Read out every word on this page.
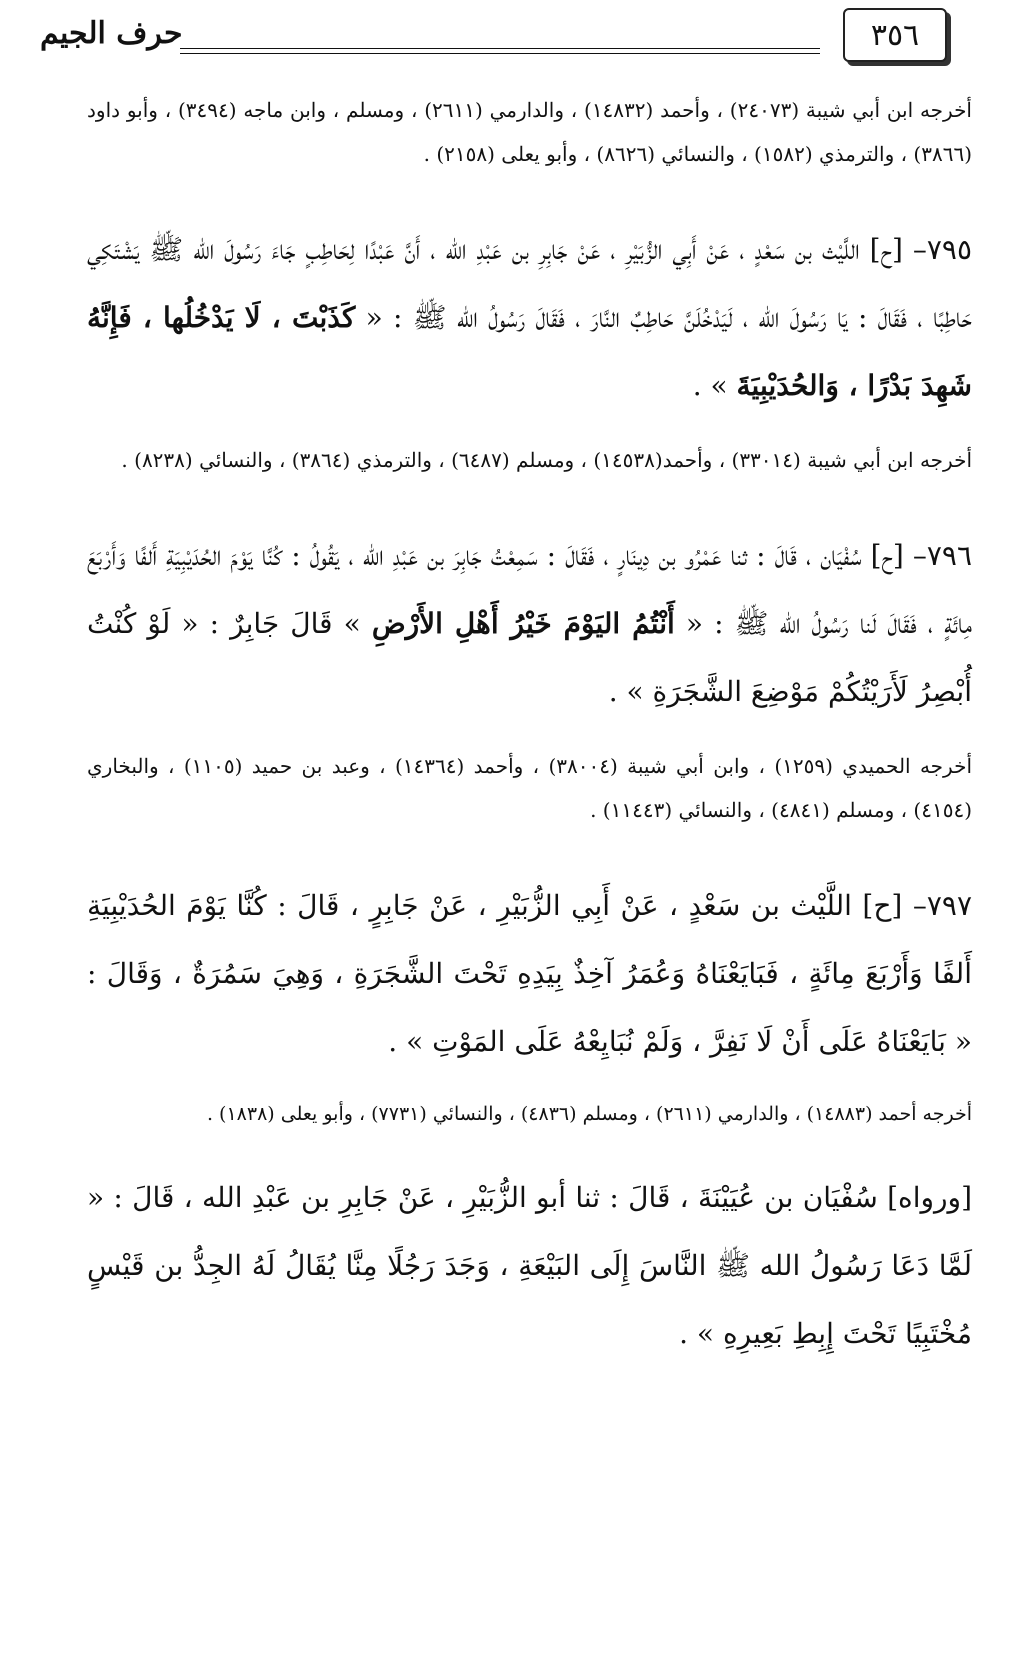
٣٥٦
حرف الجيم

أخرجه ابن أبي شيبة (٢٤٠٧٣) ، وأحمد (١٤٨٣٢) ، والدارمي (٢٦١١) ، ومسلم ، وابن ماجه (٣٤٩٤) ، وأبو داود (٣٨٦٦) ، والترمذي (١٥٨٢) ، والنسائي (٨٦٢٦) ، وأبو يعلى (٢١٥٨) .

٧٩٥– [ح] اللَّيْث بن سَعْدٍ ، عَنْ أَبِي الزُّبَيْرِ ، عَنْ جَابِرِ بن عَبْدِ الله ، أَنَّ عَبْدًا لِحَاطِبٍ جَاءَ رَسُولَ الله ﷺ يَشْتَكِي حَاطِبًا ، فَقَالَ : يَا رَسُولَ الله ، لَيَدْخُلَنَّ حَاطِبٌ النَّارَ ، فَقَالَ رَسُولُ الله ﷺ : « كَذَبْتَ ، لَا يَدْخُلُها ، فَإِنَّهُ شَهِدَ بَدْرًا ، وَالحُدَيْبِيَةَ » .

أخرجه ابن أبي شيبة (٣٣٠١٤) ، وأحمد(١٤٥٣٨) ، ومسلم (٦٤٨٧) ، والترمذي (٣٨٦٤) ، والنسائي (٨٢٣٨) .

٧٩٦– [ح] سُفْيَان ، قَالَ : ثنا عَمْرُو بن دِينَارٍ ، فَقَالَ : سَمِعْتُ جَابِرَ بن عَبْدِ الله ، يَقُولُ : كُنَّا يَوْمَ الحُدَيْبِيَةِ أَلفًا وَأَرْبَعَ مِائَةٍ ، فَقَالَ لَنا رَسُولُ الله ﷺ : « أَنْتُمُ اليَوْمَ خَيْرُ أَهْلِ الأَرْضِ » قَالَ جَابِرٌ : « لَوْ كُنْتُ أُبْصِرُ لَأَرَيْتُكُمْ مَوْضِعَ الشَّجَرَةِ » .

أخرجه الحميدي (١٢٥٩) ، وابن أبي شيبة (٣٨٠٠٤) ، وأحمد (١٤٣٦٤) ، وعبد بن حميد (١١٠٥) ، والبخاري (٤١٥٤) ، ومسلم (٤٨٤١) ، والنسائي (١١٤٤٣) .

٧٩٧– [ح] اللَّيْث بن سَعْدٍ ، عَنْ أَبِي الزُّبَيْرِ ، عَنْ جَابِرٍ ، قَالَ : كُنَّا يَوْمَ الحُدَيْبِيَةِ أَلفًا وَأَرْبَعَ مِائَةٍ ، فَبَايَعْنَاهُ وَعُمَرُ آخِذٌ بِيَدِهِ تَحْتَ الشَّجَرَةِ ، وَهِيَ سَمُرَةٌ ، وَقَالَ : « بَايَعْنَاهُ عَلَى أَنْ لَا نَفِرَّ ، وَلَمْ نُبَايِعْهُ عَلَى المَوْتِ » .

أخرجه أحمد (١٤٨٨٣) ، والدارمي (٢٦١١) ، ومسلم (٤٨٣٦) ، والنسائي (٧٧٣١) ، وأبو يعلى (١٨٣٨) .

[ورواه] سُفْيَان بن عُيَيْنَةَ ، قَالَ : ثنا أبو الزُّبَيْرِ ، عَنْ جَابِرِ بن عَبْدِ الله ، قَالَ : « لَمَّا دَعَا رَسُولُ الله ﷺ النَّاسَ إِلَى البَيْعَةِ ، وَجَدَ رَجُلًا مِنَّا يُقَالُ لَهُ الجِدُّ بن قَيْسٍ مُخْتَبِيًا تَحْتَ إِبِطِ بَعِيرِهِ » .
